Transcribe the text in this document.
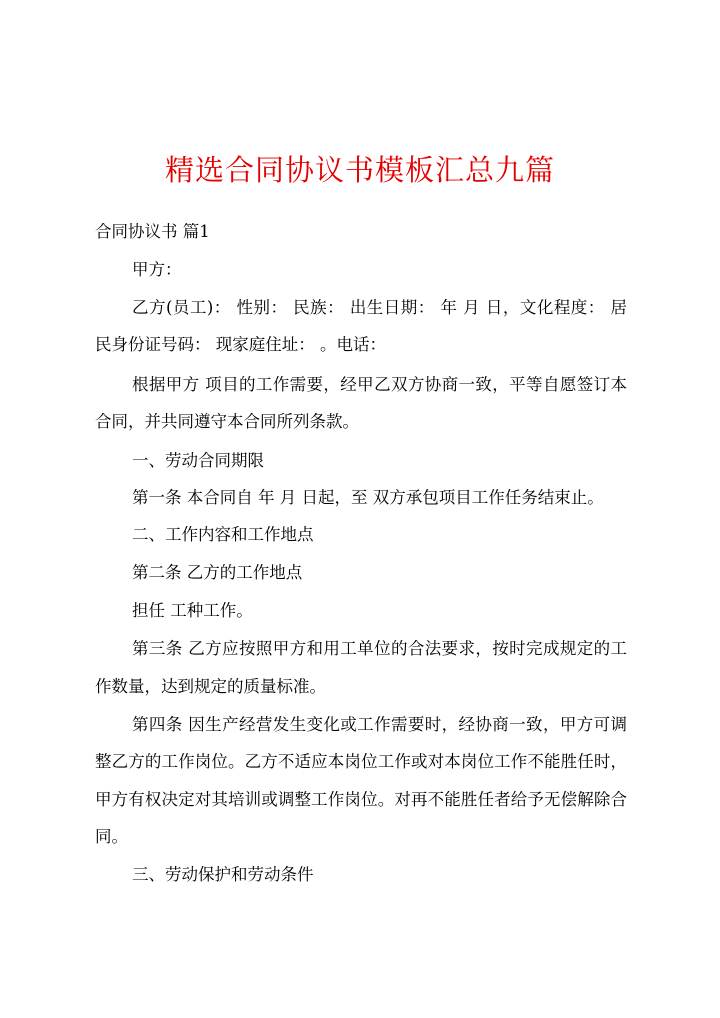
精选合同协议书模板汇总九篇
合同协议书 篇1
甲方：
乙方(员工)： 性别： 民族： 出生日期： 年 月 日，文化程度： 居
民身份证号码： 现家庭住址： 。电话：
根据甲方 项目的工作需要，经甲乙双方协商一致，平等自愿签订本
合同，并共同遵守本合同所列条款。
一、劳动合同期限
第一条 本合同自 年 月 日起，至 双方承包项目工作任务结束止。
二、工作内容和工作地点
第二条 乙方的工作地点
担任 工种工作。
第三条 乙方应按照甲方和用工单位的合法要求，按时完成规定的工
作数量，达到规定的质量标准。
第四条 因生产经营发生变化或工作需要时，经协商一致，甲方可调
整乙方的工作岗位。乙方不适应本岗位工作或对本岗位工作不能胜任时，
甲方有权决定对其培训或调整工作岗位。对再不能胜任者给予无偿解除合
同。
三、劳动保护和劳动条件
